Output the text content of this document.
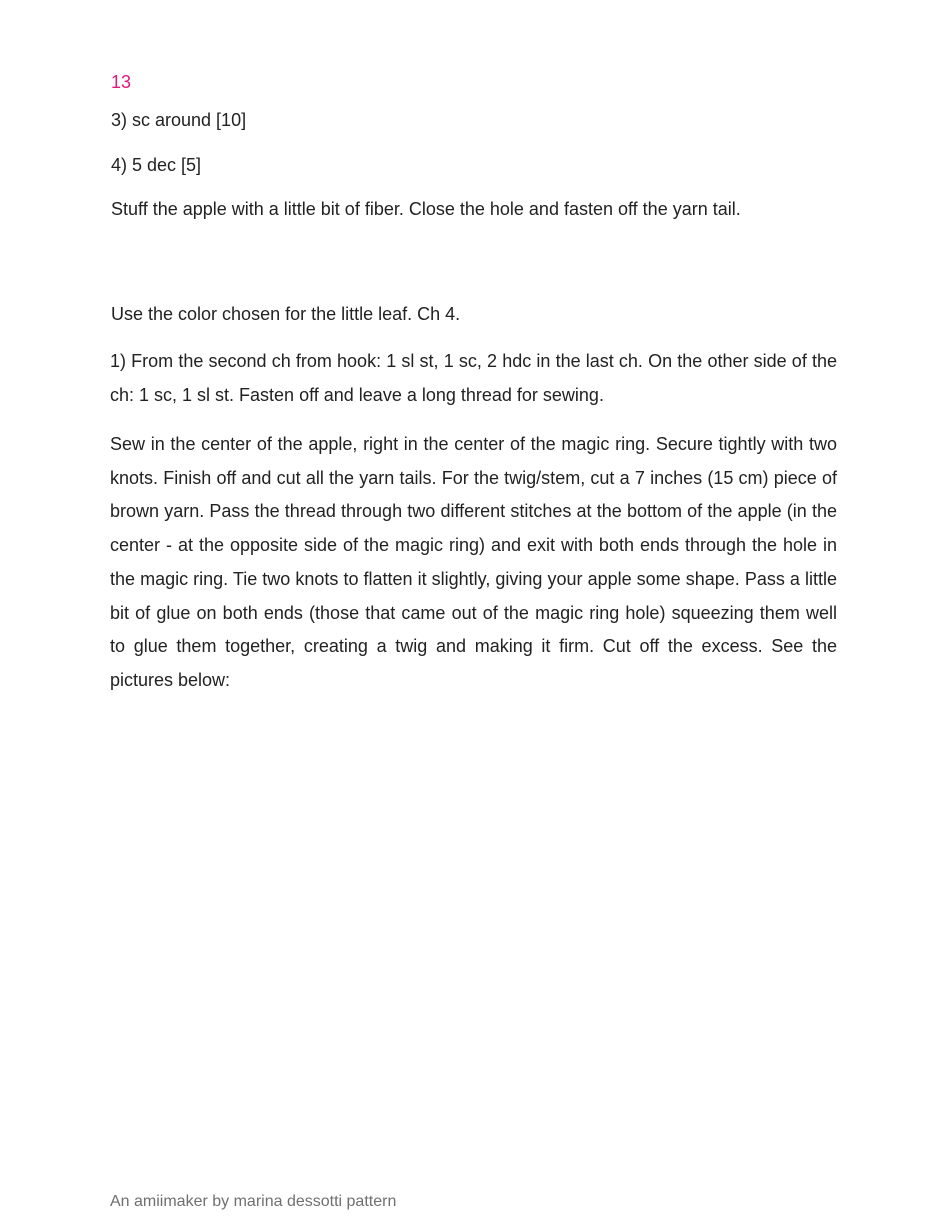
13

3) sc around [10]

4) 5 dec [5]

Stuff the apple with a little bit of fiber. Close the hole and fasten off the yarn tail.

Use the color chosen for the little leaf. Ch 4.

1) From the second ch from hook: 1 sl st, 1 sc, 2 hdc in the last ch. On the other side of the ch: 1 sc, 1 sl st. Fasten off and leave a long thread for sewing.

Sew in the center of the apple, right in the center of the magic ring. Secure tightly with two knots. Finish off and cut all the yarn tails. For the twig/stem, cut a 7 inches (15 cm) piece of brown yarn. Pass the thread through two different stitches at the bottom of the apple (in the center - at the opposite side of the magic ring) and exit with both ends through the hole in the magic ring. Tie two knots to flatten it slightly, giving your apple some shape. Pass a little bit of glue on both ends (those that came out of the magic ring hole) squeezing them well to glue them together, creating a twig and making it firm. Cut off the excess. See the pictures below:

An amiimaker by marina dessotti pattern
